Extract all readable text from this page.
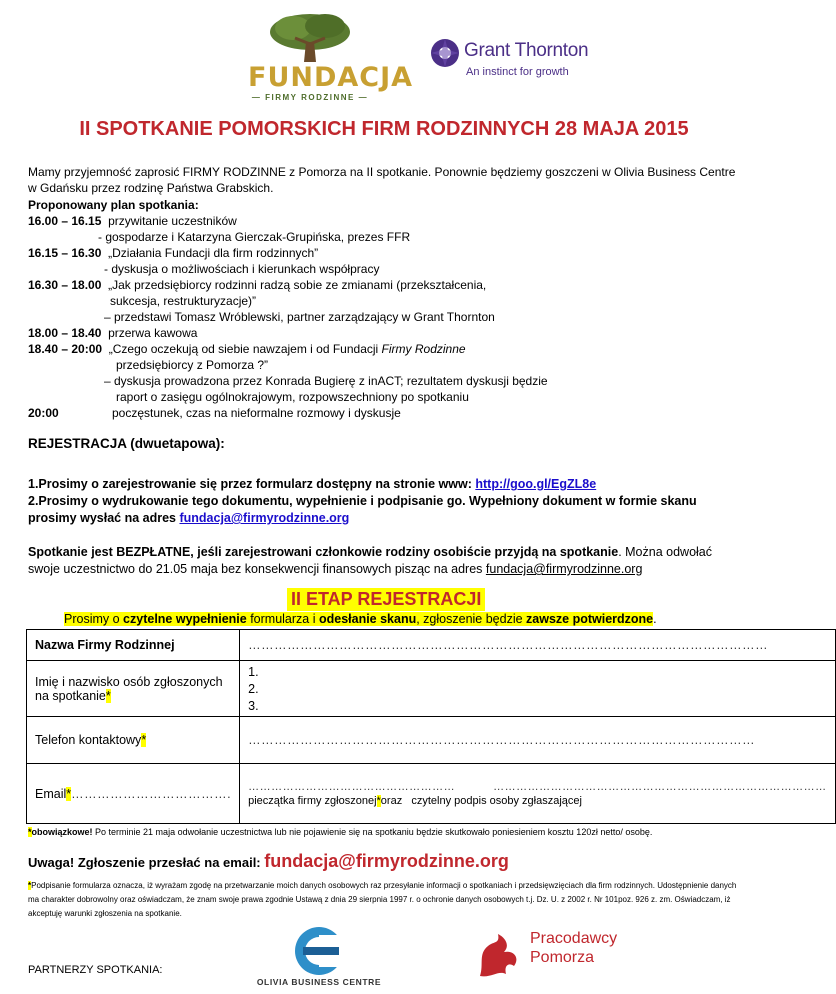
FUNDACJA
— FIRMY RODZINNE —
Grant Thornton
An instinct for growth
II SPOTKANIE POMORSKICH FIRM RODZINNYCH 28 MAJA 2015
Mamy przyjemność zaprosić FIRMY RODZINNE z Pomorza na II spotkanie. Ponownie będziemy goszczeni w Olivia Business Centre w Gdańsku przez rodzinę Państwa Grabskich.
Proponowany plan spotkania:
16.00 – 16.15 przywitanie uczestników
- gospodarze i Katarzyna Gierczak-Grupińska, prezes FFR
16.15 – 16.30 „Działania Fundacji dla firm rodzinnych”
- dyskusja o możliwościach i kierunkach współpracy
16.30 – 18.00 „Jak przedsiębiorcy rodzinni radzą sobie ze zmianami (przekształcenia,
sukcesja, restrukturyzacje)”
– przedstawi Tomasz Wróblewski, partner zarządzający w Grant Thornton
18.00 – 18.40 przerwa kawowa
18.40 – 20:00 „Czego oczekują od siebie nawzajem i od Fundacji Firmy Rodzinne
przedsiębiorcy z Pomorza ?”
– dyskusja prowadzona przez Konrada Bugierę z inACT; rezultatem dyskusji będzie
raport o zasięgu ogólnokrajowym, rozpowszechniony po spotkaniu
20:00	poczęstunek, czas na nieformalne rozmowy i dyskusje
REJESTRACJA (dwuetapowa):
1.Prosimy o zarejestrowanie się przez formularz dostępny na stronie www: http://goo.gl/EgZL8e
2.Prosimy o wydrukowanie tego dokumentu, wypełnienie i podpisanie go. Wypełniony dokument w formie skanu prosimy wysłać na adres fundacja@firmyrodzinne.org
Spotkanie jest BEZPŁATNE, jeśli zarejestrowani członkowie rodziny osobiście przyjdą na spotkanie. Można odwołać swoje uczestnictwo do 21.05 maja bez konsekwencji finansowych pisząc na adres fundacja@firmyrodzinne.org
II ETAP REJESTRACJI
Prosimy o czytelne wypełnienie formularza i odesłanie skanu, zgłoszenie będzie zawsze potwierdzone.
Nazwa Firmy Rodzinnej	…………………………………………………………………………………………………………
Imię i nazwisko osób zgłoszonych na spotkanie*	1.
2.
3.

Telefon kontaktowy*	………………………………………………………………………………………………………
Email*……………………………….	……………………………………………… ……………………………………………………………………………
pieczątka firmy zgłoszonej*oraz czytelny podpis osoby zgłaszającej
*obowiązkowe! Po terminie 21 maja odwołanie uczestnictwa lub nie pojawienie się na spotkaniu będzie skutkowało poniesieniem kosztu 120zł netto/ osobę.
Uwaga! Zgłoszenie przesłać na email: fundacja@firmyrodzinne.org
*Podpisanie formularza oznacza, iż wyrażam zgodę na przetwarzanie moich danych osobowych raz przesyłanie informacji o spotkaniach i przedsięwzięciach dla firm rodzinnych. Udostępnienie danych ma charakter dobrowolny oraz oświadczam, że znam swoje prawa zgodnie Ustawą z dnia 29 sierpnia 1997 r. o ochronie danych osobowych t.j. Dz. U. z 2002 r. Nr 101poz. 926 z. zm. Oświadczam, iż akceptuję warunki zgłoszenia na spotkanie.
PARTNERZY SPOTKANIA:
OLIVIA BUSINESS CENTRE
Pracodawcy
Pomorza
